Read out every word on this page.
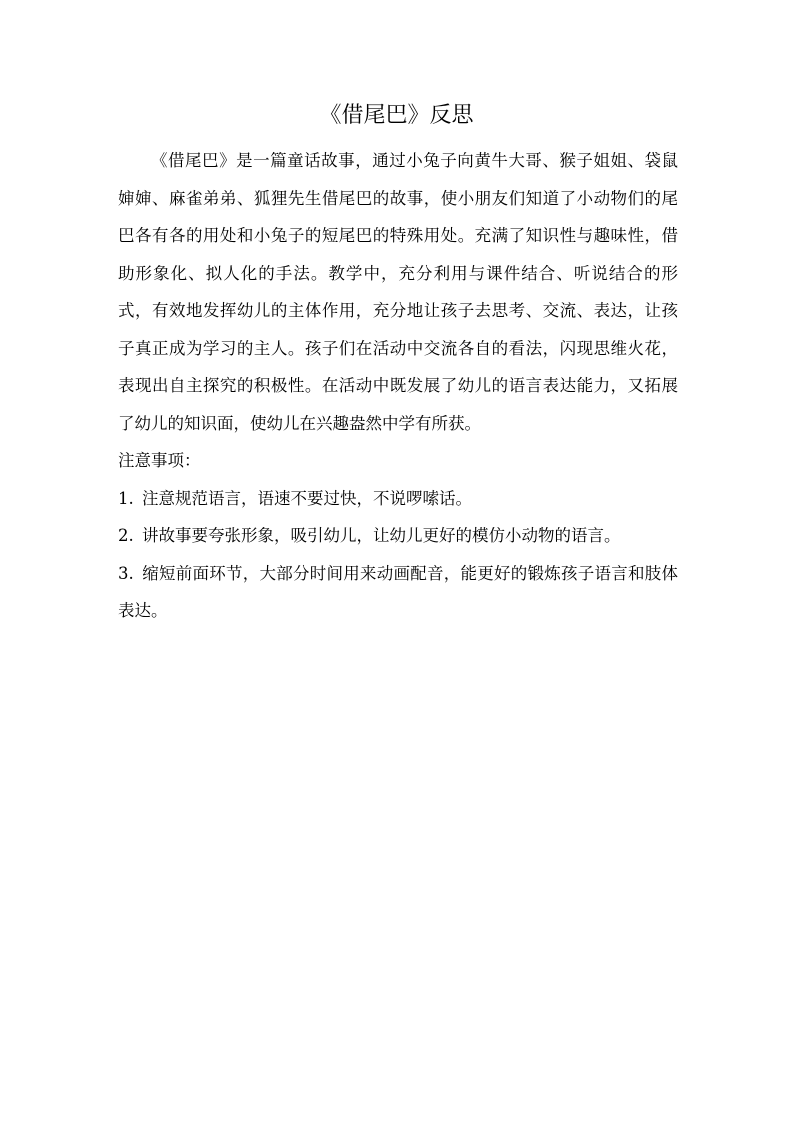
《借尾巴》反思

《借尾巴》是一篇童话故事，通过小兔子向黄牛大哥、猴子姐姐、袋鼠婶婶、麻雀弟弟、狐狸先生借尾巴的故事，使小朋友们知道了小动物们的尾巴各有各的用处和小兔子的短尾巴的特殊用处。充满了知识性与趣味性，借助形象化、拟人化的手法。教学中，充分利用与课件结合、听说结合的形式，有效地发挥幼儿的主体作用，充分地让孩子去思考、交流、表达，让孩子真正成为学习的主人。孩子们在活动中交流各自的看法，闪现思维火花，表现出自主探究的积极性。在活动中既发展了幼儿的语言表达能力，又拓展了幼儿的知识面，使幼儿在兴趣盎然中学有所获。

注意事项：

1. 注意规范语言，语速不要过快，不说啰嗦话。

2. 讲故事要夸张形象，吸引幼儿，让幼儿更好的模仿小动物的语言。

3. 缩短前面环节，大部分时间用来动画配音，能更好的锻炼孩子语言和肢体表达。
